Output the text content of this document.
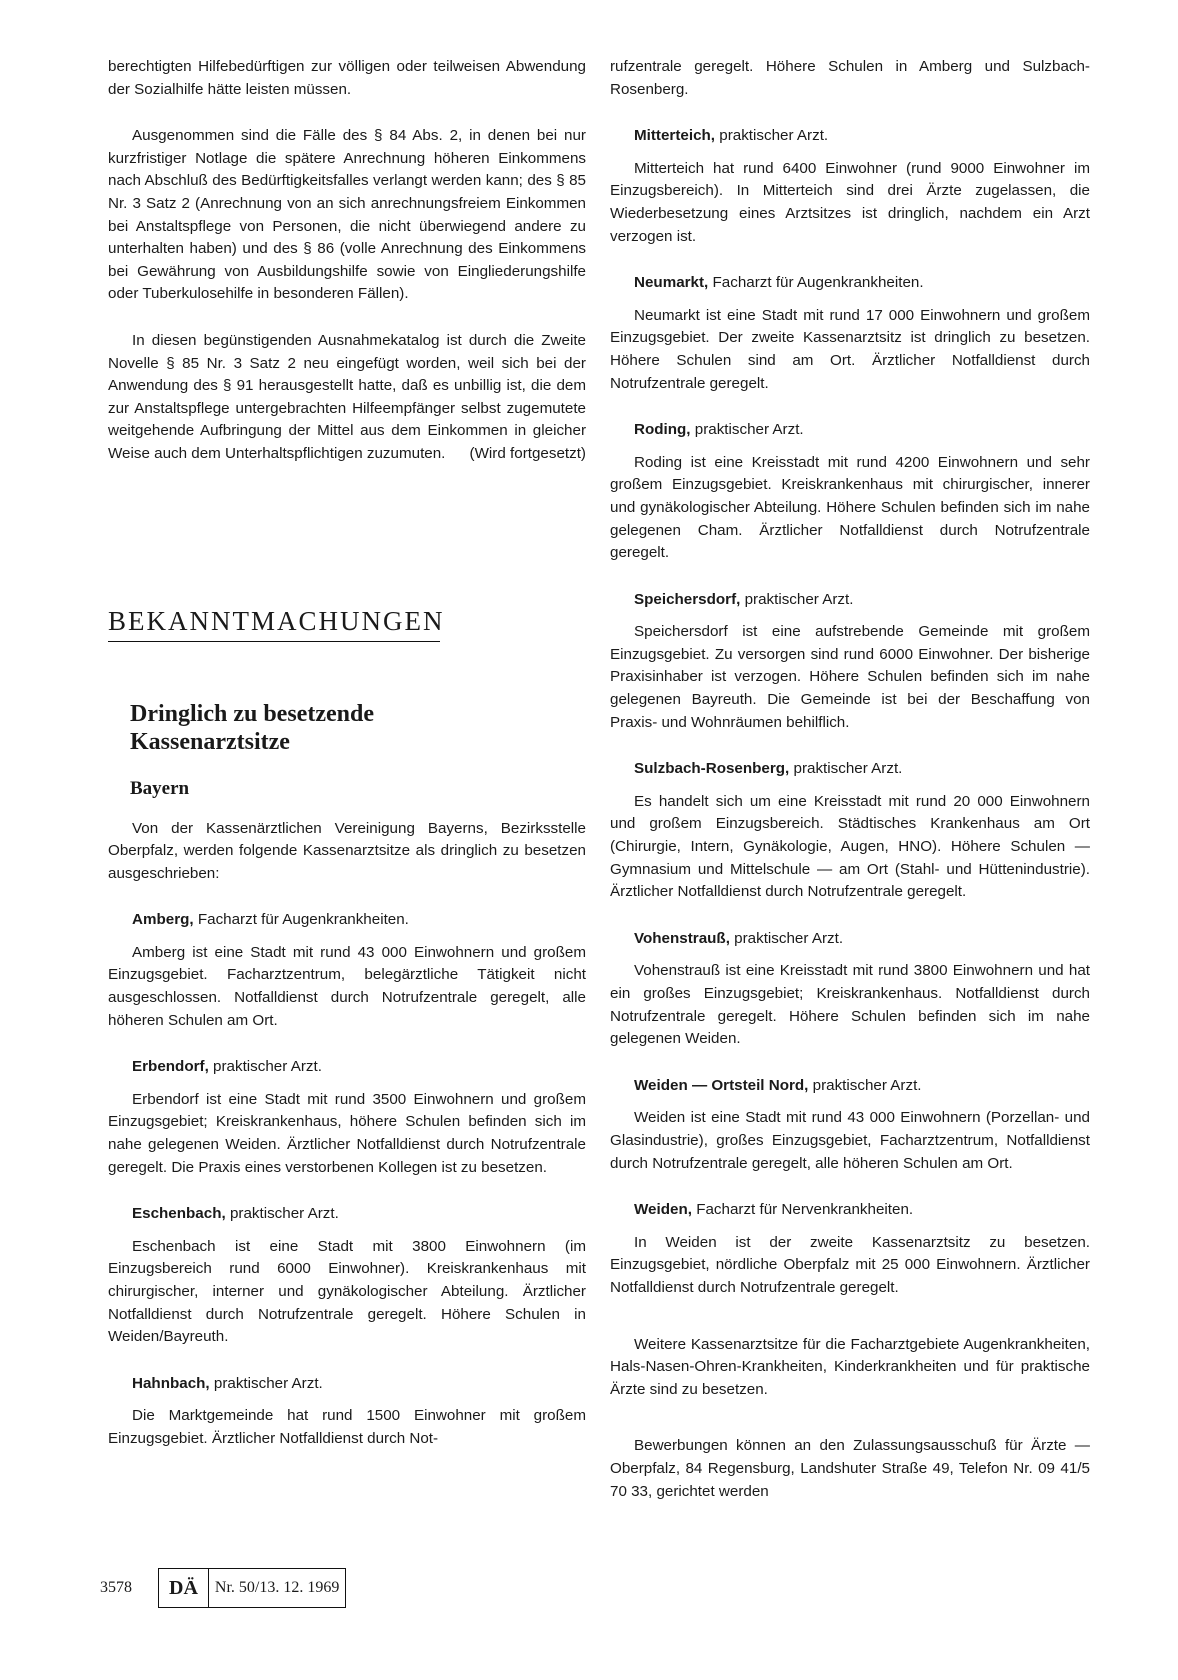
berechtigten Hilfebedürftigen zur völligen oder teilweisen Abwendung der Sozialhilfe hätte leisten müssen.

Ausgenommen sind die Fälle des § 84 Abs. 2, in denen bei nur kurzfristiger Notlage die spätere Anrechnung höheren Einkommens nach Abschluß des Bedürftigkeitsfalles verlangt werden kann; des § 85 Nr. 3 Satz 2 (Anrechnung von an sich anrechnungsfreiem Einkommen bei Anstaltspflege von Personen, die nicht überwiegend andere zu unterhalten haben) und des § 86 (volle Anrechnung des Einkommens bei Gewährung von Ausbildungshilfe sowie von Eingliederungshilfe oder Tuberkulosehilfe in besonderen Fällen).

In diesen begünstigenden Ausnahmekatalog ist durch die Zweite Novelle § 85 Nr. 3 Satz 2 neu eingefügt worden, weil sich bei der Anwendung des § 91 herausgestellt hatte, daß es unbillig ist, die dem zur Anstaltspflege untergebrachten Hilfeempfänger selbst zugemutete weitgehende Aufbringung der Mittel aus dem Einkommen in gleicher Weise auch dem Unterhaltspflichtigen zuzumuten.	(Wird fortgesetzt)

BEKANNTMACHUNGEN
Dringlich zu besetzende
Kassenarztsitze
Bayern

Von der Kassenärztlichen Vereinigung Bayerns, Bezirksstelle Oberpfalz, werden folgende Kassenarztsitze als dringlich zu besetzen ausgeschrieben:

Amberg, Facharzt für Augenkrankheiten.

Amberg ist eine Stadt mit rund 43 000 Einwohnern und großem Einzugsgebiet. Facharztzentrum, belegärztliche Tätigkeit nicht ausgeschlossen. Notfalldienst durch Notrufzentrale geregelt, alle höheren Schulen am Ort.

Erbendorf, praktischer Arzt.

Erbendorf ist eine Stadt mit rund 3500 Einwohnern und großem Einzugsgebiet; Kreiskrankenhaus, höhere Schulen befinden sich im nahe gelegenen Weiden. Ärztlicher Notfalldienst durch Notrufzentrale geregelt. Die Praxis eines verstorbenen Kollegen ist zu besetzen.

Eschenbach, praktischer Arzt.

Eschenbach ist eine Stadt mit 3800 Einwohnern (im Einzugsbereich rund 6000 Einwohner). Kreiskrankenhaus mit chirurgischer, interner und gynäkologischer Abteilung. Ärztlicher Notfalldienst durch Notrufzentrale geregelt. Höhere Schulen in Weiden/Bayreuth.

Hahnbach, praktischer Arzt.

Die Marktgemeinde hat rund 1500 Einwohner mit großem Einzugsgebiet. Ärztlicher Notfalldienst durch Not-

rufzentrale geregelt. Höhere Schulen in Amberg und Sulzbach-Rosenberg.

Mitterteich, praktischer Arzt.

Mitterteich hat rund 6400 Einwohner (rund 9000 Einwohner im Einzugsbereich). In Mitterteich sind drei Ärzte zugelassen, die Wiederbesetzung eines Arztsitzes ist dringlich, nachdem ein Arzt verzogen ist.

Neumarkt, Facharzt für Augenkrankheiten.

Neumarkt ist eine Stadt mit rund 17 000 Einwohnern und großem Einzugsgebiet. Der zweite Kassenarztsitz ist dringlich zu besetzen. Höhere Schulen sind am Ort. Ärztlicher Notfalldienst durch Notrufzentrale geregelt.

Roding, praktischer Arzt.

Roding ist eine Kreisstadt mit rund 4200 Einwohnern und sehr großem Einzugsgebiet. Kreiskrankenhaus mit chirurgischer, innerer und gynäkologischer Abteilung. Höhere Schulen befinden sich im nahe gelegenen Cham. Ärztlicher Notfalldienst durch Notrufzentrale geregelt.

Speichersdorf, praktischer Arzt.

Speichersdorf ist eine aufstrebende Gemeinde mit großem Einzugsgebiet. Zu versorgen sind rund 6000 Einwohner. Der bisherige Praxisinhaber ist verzogen. Höhere Schulen befinden sich im nahe gelegenen Bayreuth. Die Gemeinde ist bei der Beschaffung von Praxis- und Wohnräumen behilflich.

Sulzbach-Rosenberg, praktischer Arzt.

Es handelt sich um eine Kreisstadt mit rund 20 000 Einwohnern und großem Einzugsbereich. Städtisches Krankenhaus am Ort (Chirurgie, Intern, Gynäkologie, Augen, HNO). Höhere Schulen — Gymnasium und Mittelschule — am Ort (Stahl- und Hüttenindustrie). Ärztlicher Notfalldienst durch Notrufzentrale geregelt.

Vohenstrauß, praktischer Arzt.

Vohenstrauß ist eine Kreisstadt mit rund 3800 Einwohnern und hat ein großes Einzugsgebiet; Kreiskrankenhaus. Notfalldienst durch Notrufzentrale geregelt. Höhere Schulen befinden sich im nahe gelegenen Weiden.

Weiden — Ortsteil Nord, praktischer Arzt.

Weiden ist eine Stadt mit rund 43 000 Einwohnern (Porzellan- und Glasindustrie), großes Einzugsgebiet, Facharztzentrum, Notfalldienst durch Notrufzentrale geregelt, alle höheren Schulen am Ort.

Weiden, Facharzt für Nervenkrankheiten.

In Weiden ist der zweite Kassenarztsitz zu besetzen. Einzugsgebiet, nördliche Oberpfalz mit 25 000 Einwohnern. Ärztlicher Notfalldienst durch Notrufzentrale geregelt.

Weitere Kassenarztsitze für die Facharztgebiete Augenkrankheiten, Hals-Nasen-Ohren-Krankheiten, Kinderkrankheiten und für praktische Ärzte sind zu besetzen.

Bewerbungen können an den Zulassungsausschuß für Ärzte — Oberpfalz, 84 Regensburg, Landshuter Straße 49, Telefon Nr. 09 41/5 70 33, gerichtet werden

3578	DÄ	Nr. 50/13. 12. 1969
